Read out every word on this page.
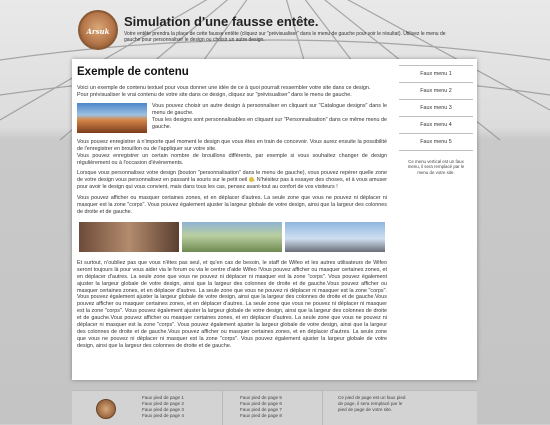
Arsuk
Simulation d'une fausse entête.
Votre entête prendra la place de cette fausse entête (cliquez sur "prévisualiser" dans le menu de gauche pour voir le résultat). Utilisez le menu de gauche pour personnaliser le design ou choisir un autre design.
Exemple de contenu

Voici un exemple de contenu textuel pour vous donner une idée de ce à quoi pourrait ressembler votre site dans ce design.
Pour prévisualiser le vrai contenu de votre site dans ce design, cliquez sur "prévisualiser" dans le menu de gauche.

Vous pouvez choisir un autre design à personnaliser en cliquant sur "Catalogue designs" dans le menu de gauche.
Tous les designs sont personnalisables en cliquant sur "Personnalisation" dans ce même menu de gauche.

Vous pouvez enregistrer à n'importe quel moment le design que vous êtes en train de concevoir. Vous aurez ensuite la possibilité de l'enregistrer en brouillon ou de l'appliquer sur votre site.
Vous pouvez enregistrer un certain nombre de brouillons différents, par exemple si vous souhaitez changer de design régulièrement ou à l'occasion d'évènements.

Lorsque vous personnalisez votre design (bouton "personnalisation" dans le menu de gauche), vous pouvez repérer quelle zone de votre design vous personnalisez en passant la souris sur le petit oeil . N'hésitez pas à essayer des choses, et à vous amuser pour avoir le design qui vous convient, mais dans tous les cas, pensez avant-tout au confort de vos visiteurs !

Vous pouvez afficher ou masquer certaines zones, et en déplacer d'autres. La seule zone que vous ne pouvez ni déplacer ni masquer est la zone "corps". Vous pouvez également ajuster la largeur globale de votre design, ainsi que la largeur des colonnes de droite et de gauche.

Et surtout, n'oubliez pas que vous n'êtes pas seul, et qu'en cas de besoin, le staff de Wifeo et les autres utilisateurs de Wifeo seront toujours là pour vous aider via le forum ou via le centre d'aide Wifeo !Vous pouvez afficher ou masquer certaines zones, et en déplacer d'autres. La seule zone que vous ne pouvez ni déplacer ni masquer est la zone "corps". Vous pouvez également ajuster la largeur globale de votre design, ainsi que la largeur des colonnes de droite et de gauche.Vous pouvez afficher ou masquer certaines zones, et en déplacer d'autres. La seule zone que vous ne pouvez ni déplacer ni masquer est la zone "corps". Vous pouvez également ajuster la largeur globale de votre design, ainsi que la largeur des colonnes de droite et de gauche.Vous pouvez afficher ou masquer certaines zones, et en déplacer d'autres. La seule zone que vous ne pouvez ni déplacer ni masquer est la zone "corps". Vous pouvez également ajuster la largeur globale de votre design, ainsi que la largeur des colonnes de droite et de gauche.Vous pouvez afficher ou masquer certaines zones, et en déplacer d'autres. La seule zone que vous ne pouvez ni déplacer ni masquer est la zone "corps". Vous pouvez également ajuster la largeur globale de votre design, ainsi que la largeur des colonnes de droite et de gauche.Vous pouvez afficher ou masquer certaines zones, et en déplacer d'autres. La seule zone que vous ne pouvez ni déplacer ni masquer est la zone "corps". Vous pouvez également ajuster la largeur globale de votre design, ainsi que la largeur des colonnes de droite et de gauche.

Faux menu 1
Faux menu 2
Faux menu 3
Faux menu 4
Faux menu 5
Ce menu vertical est un faux menu, il sera remplacé par le menu de votre site.
Faux pied de page 1
Faux pied de page 2
Faux pied de page 3
Faux pied de page 4
Faux pied de page 5
Faux pied de page 6
Faux pied de page 7
Faux pied de page 8
Ce pied de page est un faux pied de page, il sera remplacé par le pied de page de votre site.
